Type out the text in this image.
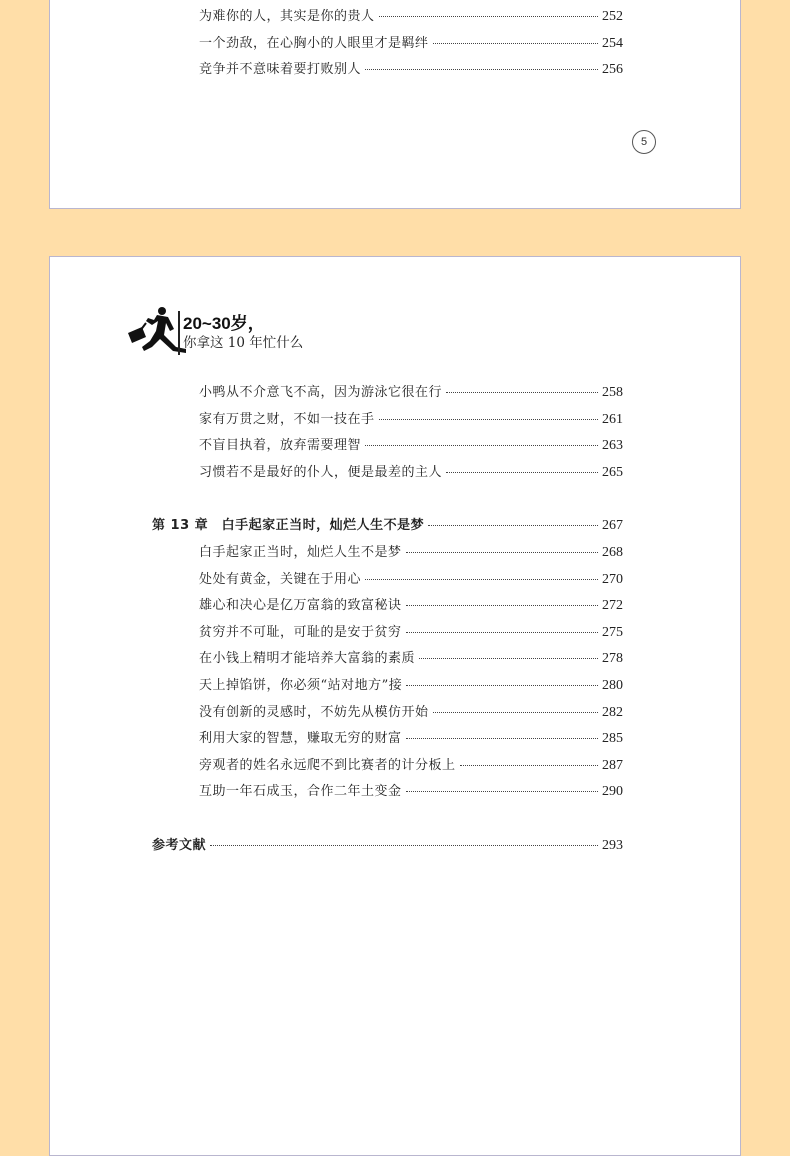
为难你的人，其实是你的贵人	252
一个劲敌，在心胸小的人眼里才是羁绊	254
竞争并不意味着要打败别人	256
5
20~30岁，
你拿这 10 年忙什么
小鸭从不介意飞不高，因为游泳它很在行	258
家有万贯之财，不如一技在手	261
不盲目执着，放弃需要理智	263
习惯若不是最好的仆人，便是最差的主人	265
第 13 章　白手起家正当时，灿烂人生不是梦	267
白手起家正当时，灿烂人生不是梦	268
处处有黄金，关键在于用心	270
雄心和决心是亿万富翁的致富秘诀	272
贫穷并不可耻，可耻的是安于贫穷	275
在小钱上精明才能培养大富翁的素质	278
天上掉馅饼，你必须“站对地方”接	280
没有创新的灵感时，不妨先从模仿开始	282
利用大家的智慧，赚取无穷的财富	285
旁观者的姓名永远爬不到比赛者的计分板上	287
互助一年石成玉，合作二年土变金	290
参考文献	293
